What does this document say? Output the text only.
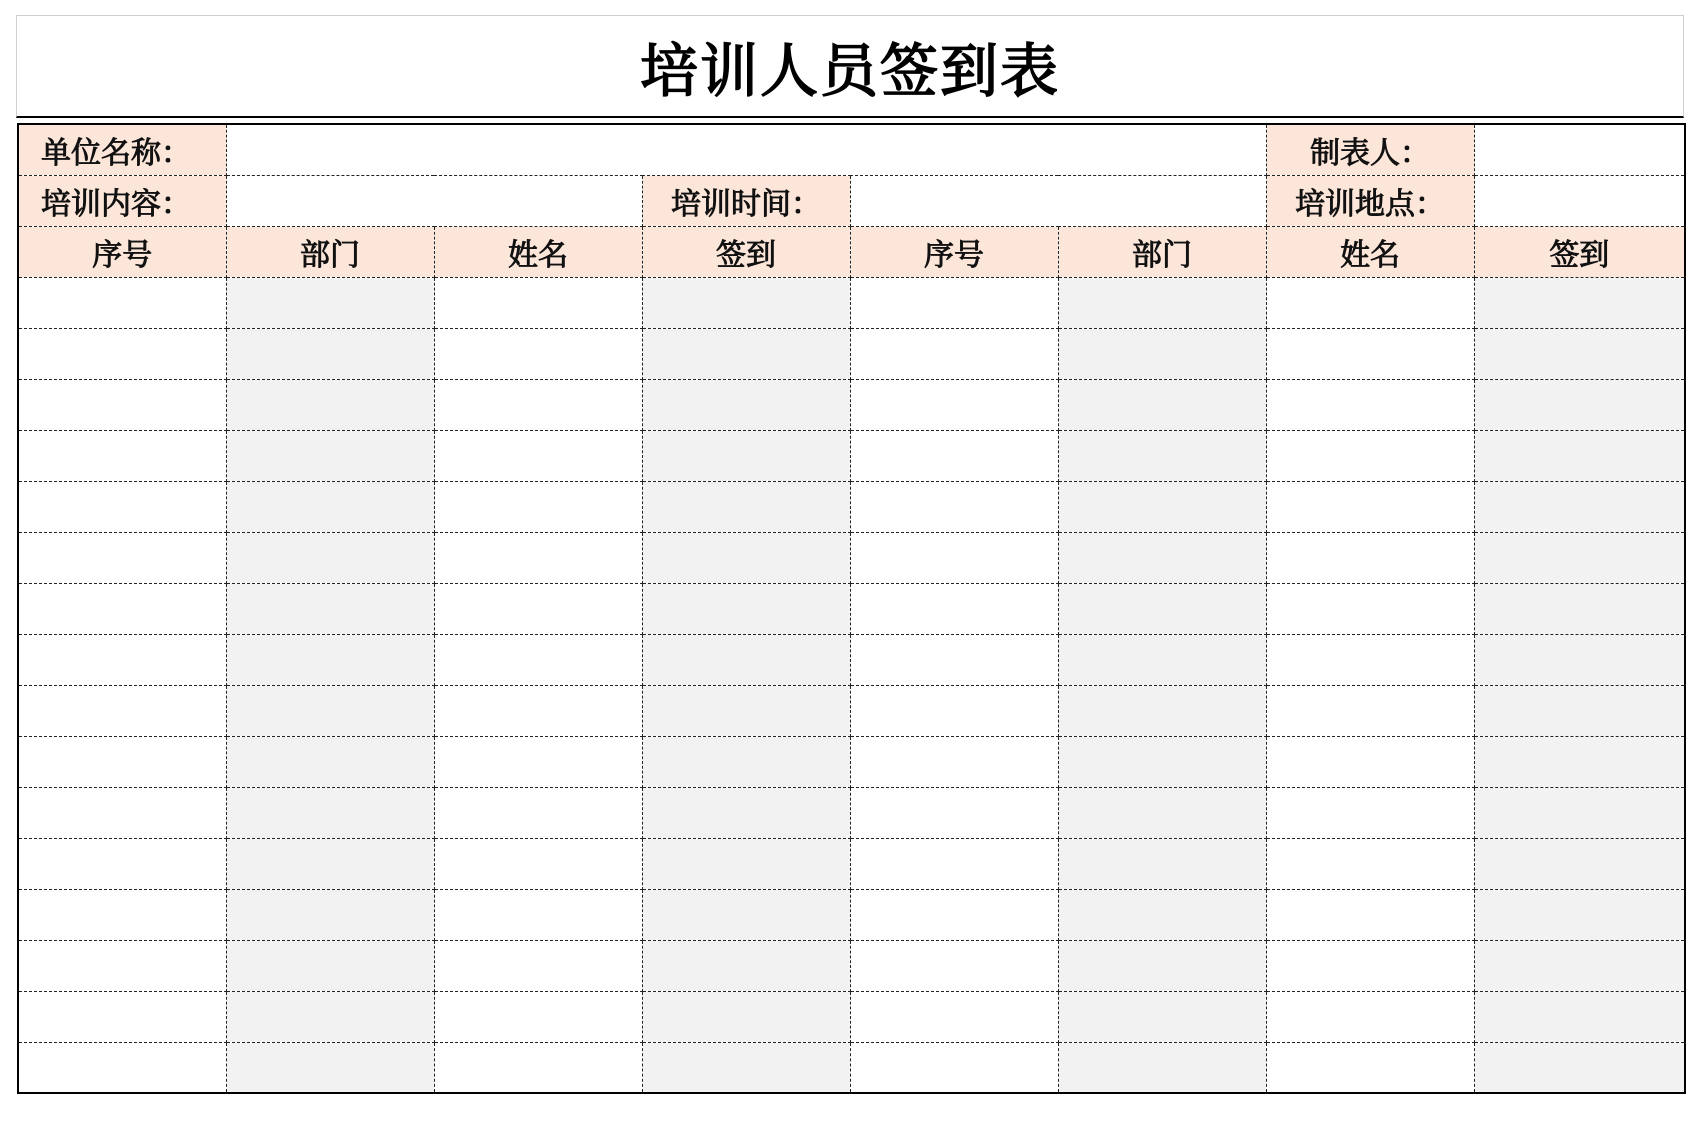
培训人员签到表
单位名称：						制表人：	
培训内容：			培训时间：			培训地点：	
序号	部门	姓名	签到	序号	部门	姓名	签到
